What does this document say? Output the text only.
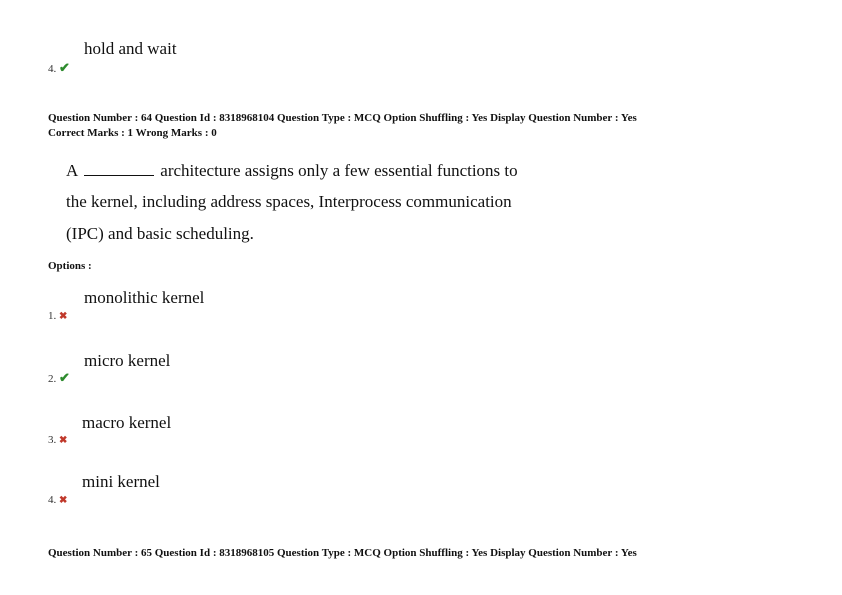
hold and wait
4. ✔
Question Number : 64 Question Id : 8318968104 Question Type : MCQ Option Shuffling : Yes Display Question Number : Yes
Correct Marks : 1 Wrong Marks : 0
A	architecture assigns only a few essential functions to
the kernel, including address spaces, Interprocess communication
(IPC) and basic scheduling.
Options :
monolithic kernel
1. ✖
micro kernel
2. ✔
macro kernel
3. ✖
mini kernel
4. ✖
Question Number : 65 Question Id : 8318968105 Question Type : MCQ Option Shuffling : Yes Display Question Number : Yes
